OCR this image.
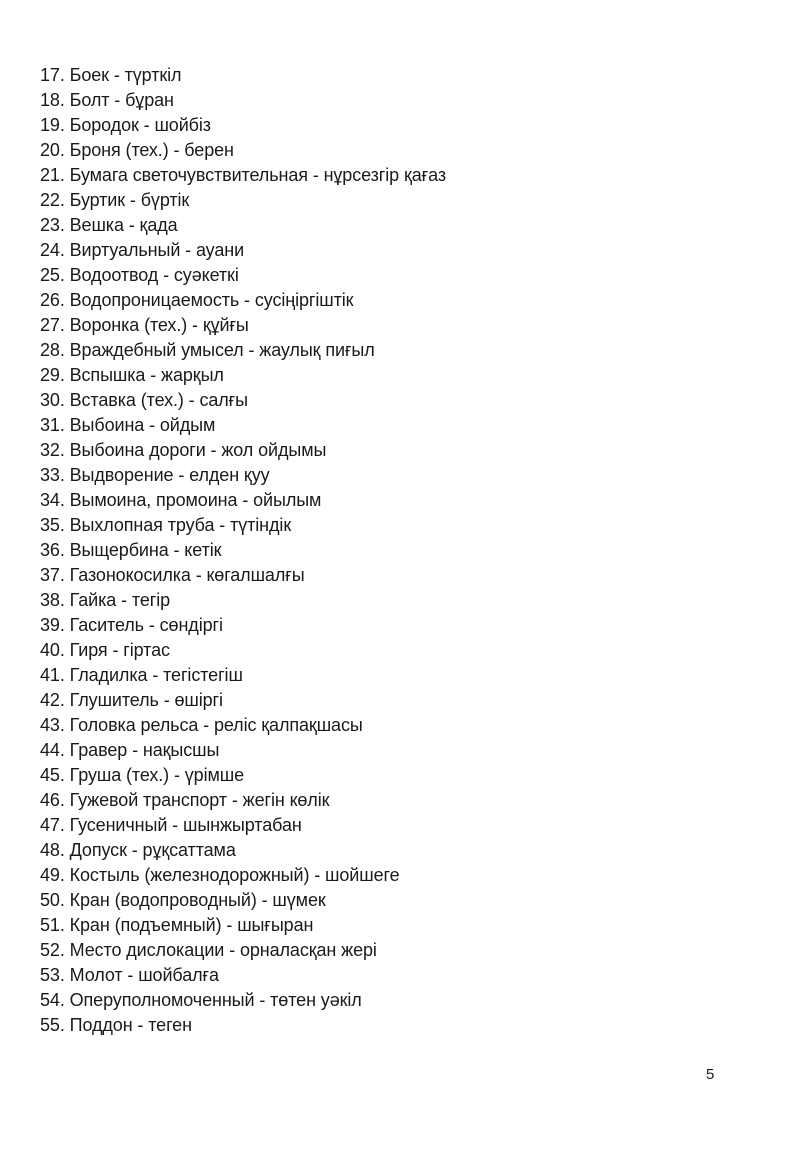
17. Боек - түрткіл
18. Болт - бұран
19. Бородок - шойбіз
20. Броня (тех.) - берен
21. Бумага светочувствительная - нұрсезгір қағаз
22. Буртик - бүртік
23. Вешка - қада
24. Виртуальный - ауани
25. Водоотвод - суәкеткі
26. Водопроницаемость - сусіңіргіштік
27. Воронка (тех.) - құйғы
28. Враждебный умысел - жаулық пиғыл
29. Вспышка - жарқыл
30. Вставка (тех.) - салғы
31. Выбоина - ойдым
32. Выбоина дороги - жол ойдымы
33. Выдворение - елден қуу
34. Вымоина, промоина - ойылым
35. Выхлопная труба - түтіндік
36. Выщербина - кетік
37. Газонокосилка - көгалшалғы
38. Гайка - тегір
39. Гаситель - сөндіргі
40. Гиря - гіртас
41. Гладилка - тегістегіш
42. Глушитель - өшіргі
43. Головка рельса - реліс қалпақшасы
44. Гравер - нақысшы
45. Груша (тех.) - үрімше
46. Гужевой транспорт - жегін көлік
47. Гусеничный - шынжыртабан
48. Допуск - рұқсаттама
49. Костыль (железнодорожный) - шойшеге
50. Кран (водопроводный) - шүмек
51. Кран (подъемный) - шығыран
52. Место дислокации - орналасқан жері
53. Молот - шойбалға
54. Оперуполномоченный - төтен уәкіл
55. Поддон - теген
5
